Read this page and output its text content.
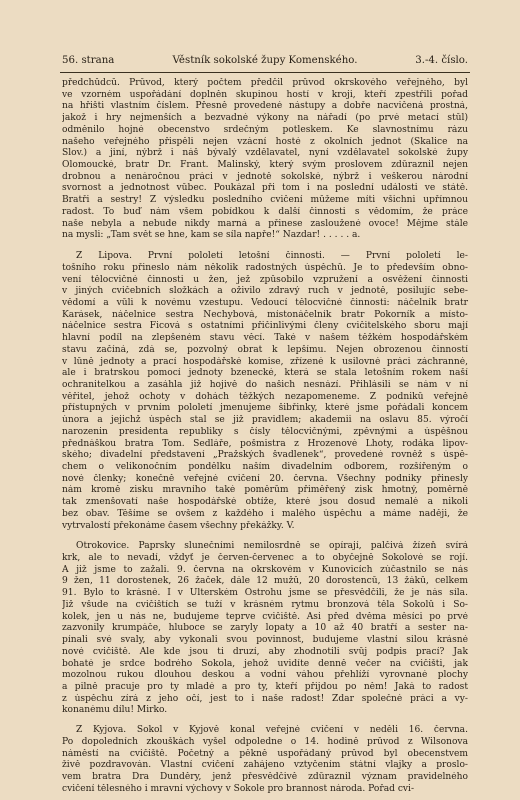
56. strana	Věstník sokolské župy Komenského.	3.-4. číslo.
předchůdců. Průvod, který počtem předčil průvod okrskového veřejného, byl
ve vzorném uspořádání doplněn skupinou hostí v kroji, kteří zpestřili pořad
na hřišti vlastním číslem. Přesně provedené nástupy a dobře nacvičená prostná,
jakož i hry nejmenších a bezvadné výkony na nářadí (po prvé metací stůl)
odměnilo hojné obecenstvo srdečným potleskem. Ke slavnostnímu rázu
našeho veřejného přispěli nejen vzácní hosté z okolních jednot (Skalice na
Slov.) a jiní, nýbrž i náš bývalý vzdělavatel, nyní vzdělavatel sokolské župy
Olomoucké, bratr Dr. Frant. Malinský, který svým proslovem zdůraznil nejen
drobnou a nenáročnou práci v jednotě sokolské, nýbrž i veškerou národní
svornost a jednotnost vůbec. Poukázal při tom i na poslední události ve státě.
Bratři a sestry! Z výsledku posledního cvičení můžeme míti všichni upřímnou
radost. To buď nám všem pobídkou k další činnosti s vědomím, že práce
naše nebyla a nebude nikdy marná a přinese zasloužené ovoce! Mějme stále
na mysli: „Tam svět se hne, kam se síla napře!“ Nazdar! . . . . . a.
Z Lipova. První pololetí letošní činnosti. — První pololetí le-
tošního roku přineslo nám několik radostných úspěchů. Je to především obno-
vení tělocvičné činnosti u žen, jež způsobilo vzpružení a osvěžení činnosti
v jiných cvičebních složkách a oživilo zdravý ruch v jednotě, posilujíc sebe-
vědomí a vůli k novému vzestupu. Vedoucí tělocvičné činnosti: náčelník bratr
Karásek, náčelnice sestra Nechybová, místonáčelník bratr Pokorník a místo-
náčelnice sestra Ficová s ostatními přičinlivými členy cvičitelského sboru mají
hlavní podíl na zlepšeném stavu věcí. Také v našem těžkém hospodářském
stavu začíná, zdá se, pozvolný obrat k lepšímu. Nejen obrozenou činností
v lůně jednoty a prací hospodářské komise, zřízené k usilovné práci záchranné,
ale i bratrskou pomocí jednoty bzenecké, která se stala letošním rokem naší
ochranitelkou a zasáhla již hojivě do našich nesnází. Přihlásili se nám v ní
věřitel, jehož ochoty v dohách těžkých nezapomeneme. Z podniků veřejně
přístupných v prvním pololetí jmenujeme šibřinky, které jsme pořádali koncem
února a jejichž úspěch stal se již pravidlem; akademii na oslavu 85. výročí
narozenin presidenta republiky s čísly tělocvičnými, zpěvnými a úspěšnou
přednáškou bratra Tom. Sedláře, pošmistra z Hrozenové Lhoty, rodáka lipov-
ského; divadelní představení „Pražských švadlenek“, provedené rovněž s úspě-
chem o velikonočním pondělku naším divadelním odborem, rozšířeným o
nové členky; konečně veřejné cvičení 20. června. Všechny podniky přinesly
nám kromě zisku mravního také poměrům přiměřený zisk hmotný, poměrně
tak zmenšovatí naše hospodářské obtíže, které jsou dosud nemalé a nikoli
bez obav. Těšíme se ovšem z každého i malého úspěchu a máme naději, že
vytrvalostí překonáme časem všechny překážky. V.
Otrokovice. Paprsky slunečními nemilosrdně se opírají, palčivá žízeň svírá
krk, ale to nevadí, vždyť je červen-červenec a to obyčejně Sokolové se rojí.
A již jsme to zažali. 9. června na okrskovém v Kunovicích zúčastnilo se nás
9 žen, 11 dorostenek, 26 žaček, dále 12 mužů, 20 dorostenců, 13 žáků, celkem
91. Bylo to krásné. I v Ulterském Ostrohu jsme se přesvědčili, že je nás síla.
Již všude na cvičištích se tuží v krásném rytmu bronzová těla Sokolů i So-
kolek, jen u nás ne, budujeme teprve cvičiště. Asi před dvěma měsíci po prvé
zazvonily krumpáče, hluboce se zaryly lopaty a 10 až 40 bratří a sester na-
pínali své svaly, aby vykonali svou povinnost, budujeme vlastní silou krásné
nové cvičiště. Ale kde jsou ti druzí, aby zhodnotili svůj podpis prací? Jak
bohaté je srdce bodrého Sokola, jehož uvidíte denně večer na cvičišti, jak
mozolnou rukou dlouhou deskou a vodní váhou přehlíží vyrovnané plochy
a pilně pracuje pro ty mladé a pro ty, kteří přijdou po něm! Jaká to radost
z úspěchu zírá z jeho očí, jest to i naše radost! Zdar společné práci a vy-
konanému dílu! Mirko.
Z Kyjova. Sokol v Kyjově konal veřejné cvičení v neděli 16. června.
Po dopoledních zkouškách vyšel odpoledne o 14. hodině průvod z Wilsonova
náměstí na cvičiště. Početný a pěkně uspořádaný průvod byl obecenstvem
živě pozdravován. Vlastní cvičení zahájeno vztyčením státní vlajky a proslo-
vem bratra Dra Dunděry, jenž přesvědčivě zdůraznil význam pravidelného
cvičení tělesného i mravní výchovy v Sokole pro brannost národa. Pořad cvi-
